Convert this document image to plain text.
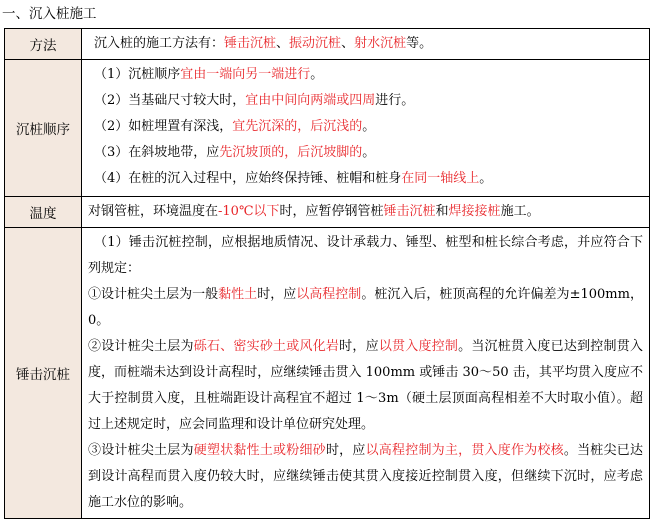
一、沉入桩施工
方法	沉入桩的施工方法有：锤击沉桩、振动沉桩、射水沉桩等。

沉桩顺序	（1）沉桩顺序宜由一端向另一端进行。
（2）当基础尺寸较大时，宜由中间向两端或四周进行。
（2）如桩埋置有深浅，宜先沉深的，后沉浅的。
（3）在斜坡地带，应先沉坡顶的，后沉坡脚的。
（4）在桩的沉入过程中，应始终保持锤、桩帽和桩身在同一轴线上。

温度	对钢管桩，环境温度在-10℃以下时，应暂停钢管桩锤击沉桩和焊接接桩施工。

锤击沉桩	（1）锤击沉桩控制，应根据地质情况、设计承载力、锤型、桩型和桩长综合考虑，并应符合下列规定：
①设计桩尖土层为一般黏性土时，应以高程控制。桩沉入后，桩顶高程的允许偏差为±100mm，0。
②设计桩尖土层为砾石、密实砂土或风化岩时，应以贯入度控制。当沉桩贯入度已达到控制贯入度，而桩端未达到设计高程时，应继续锤击贯入 100mm 或锤击 30～50 击，其平均贯入度应不大于控制贯入度，且桩端距设计高程宜不超过 1～3m（硬土层顶面高程相差不大时取小值）。超过上述规定时，应会同监理和设计单位研究处理。
③设计桩尖土层为硬塑状黏性土或粉细砂时，应以高程控制为主，贯入度作为校核。当桩尖已达到设计高程而贯入度仍较大时，应继续锤击使其贯入度接近控制贯入度，但继续下沉时，应考虑施工水位的影响。
